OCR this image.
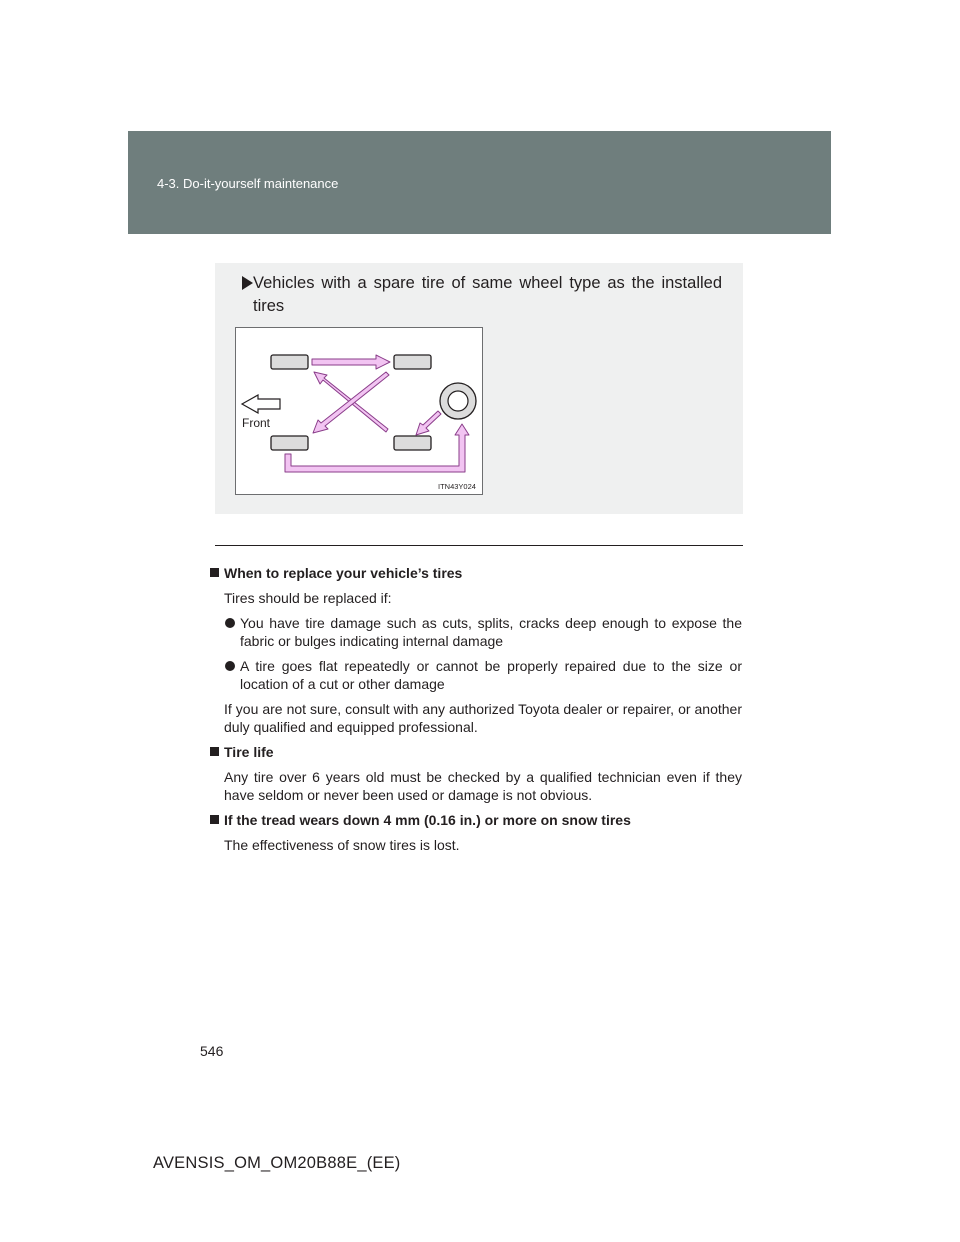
4-3. Do-it-yourself maintenance
Vehicles with a spare tire of same wheel type as the installed
tires
Front
ITN43Y024
When to replace your vehicle’s tires
Tires should be replaced if:
You have tire damage such as cuts, splits, cracks deep enough to expose the fabric or bulges indicating internal damage
A tire goes flat repeatedly or cannot be properly repaired due to the size or location of a cut or other damage
If you are not sure, consult with any authorized Toyota dealer or repairer, or another duly qualified and equipped professional.
Tire life
Any tire over 6 years old must be checked by a qualified technician even if they have seldom or never been used or damage is not obvious.
If the tread wears down 4 mm (0.16 in.) or more on snow tires
The effectiveness of snow tires is lost.
546
AVENSIS_OM_OM20B88E_(EE)
